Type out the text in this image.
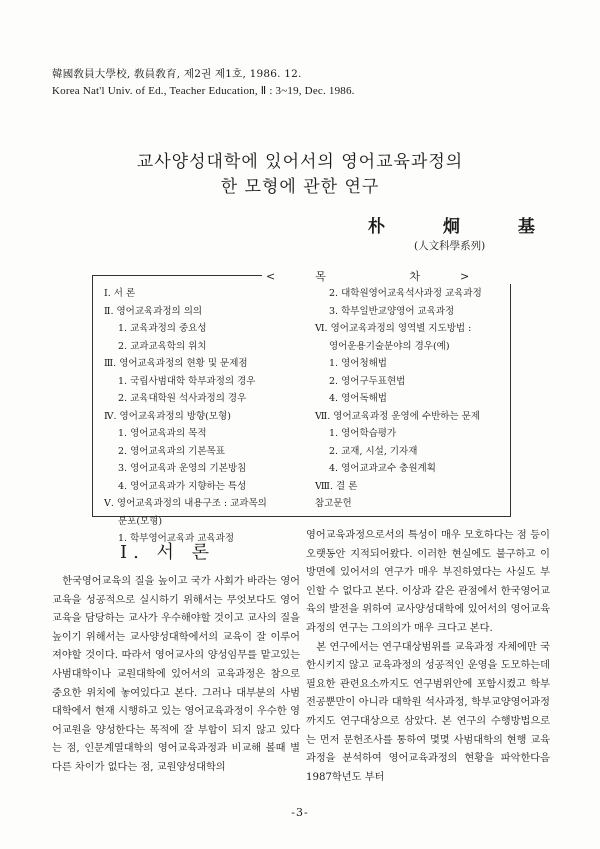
韓國敎員大學校, 敎員敎育, 제2권 제1호, 1986. 12.
Korea Nat'l Univ. of Ed., Teacher Education, Ⅱ : 3~19, Dec. 1986.
교사양성대학에 있어서의 영어교육과정의
한 모형에 관한 연구
朴 炯 基
(人文科學系列)
<목 차>
Ⅰ. 서 론
Ⅱ. 영어교육과정의 의의
1. 교육과정의 중요성
2. 교과교육학의 위치
Ⅲ. 영어교육과정의 현황 및 문제점
1. 국립사범대학 학부과정의 경우
2. 교육대학원 석사과정의 경우
Ⅳ. 영어교육과정의 방향(모형)
1. 영어교육과의 목적
2. 영어교육과의 기본목표
3. 영어교육과 운영의 기본방침
4. 영어교육과가 지향하는 특성
Ⅴ. 영어교육과정의 내용구조 : 교과목의
분포(모형)
1. 학부영어교육과 교육과정
2. 대학원영어교육석사과정 교육과정
3. 학부일반교양영어 교육과정
Ⅵ. 영어교육과정의 영역별 지도방법 :
영어운용기술분야의 경우(예)
1. 영어청해법
2. 영어구두표현법
4. 영어독해법
Ⅶ. 영어교육과정 운영에 수반하는 문제
1. 영어학습평가
2. 교재, 시설, 기자재
4. 영어교과교수 충원계획
Ⅷ. 결 론
참고문헌
Ⅰ. 서 론

한국영어교육의 질을 높이고 국가 사회가 바라는 영어교육을 성공적으로 실시하기 위해서는 무엇보다도 영어교육을 담당하는 교사가 우수해야할 것이고 교사의 질을 높이기 위해서는 교사양성대학에서의 교육이 잘 이루어져야할 것이다. 따라서 영어교사의 양성임무를 맡고있는 사범대학이나 교원대학에 있어서의 교육과정은 참으로 중요한 위치에 놓여있다고 본다. 그러나 대부분의 사범대학에서 현재 시행하고 있는 영어교육과정이 우수한 영어교원을 양성한다는 목적에 잘 부합이 되지 않고 있다는 점, 인문계열대학의 영어교육과정과 비교해 볼때 별다른 차이가 없다는 점, 교원양성대학의

영어교육과정으로서의 특성이 매우 모호하다는 점 등이 오랫동안 지적되어왔다. 이러한 현실에도 불구하고 이방면에 있어서의 연구가 매우 부진하였다는 사실도 부인할 수 없다고 본다. 이상과 같은 관점에서 한국영어교육의 발전을 위하여 교사양성대학에 있어서의 영어교육과정의 연구는 그의의가 매우 크다고 본다.

본 연구에서는 연구대상범위를 교육과정 자체에만 국한시키지 않고 교육과정의 성공적인 운영을 도모하는데 필요한 관련요소까지도 연구범위안에 포함시켰고 학부전공뿐만이 아니라 대학원 석사과정, 학부교양영어과정까지도 연구대상으로 삼았다. 본 연구의 수행방법으로는 먼저 문헌조사를 통하여 몇몇 사범대학의 현행 교육과정을 분석하여 영어교육과정의 현황을 파악한다음 1987학년도 부터

-3-
